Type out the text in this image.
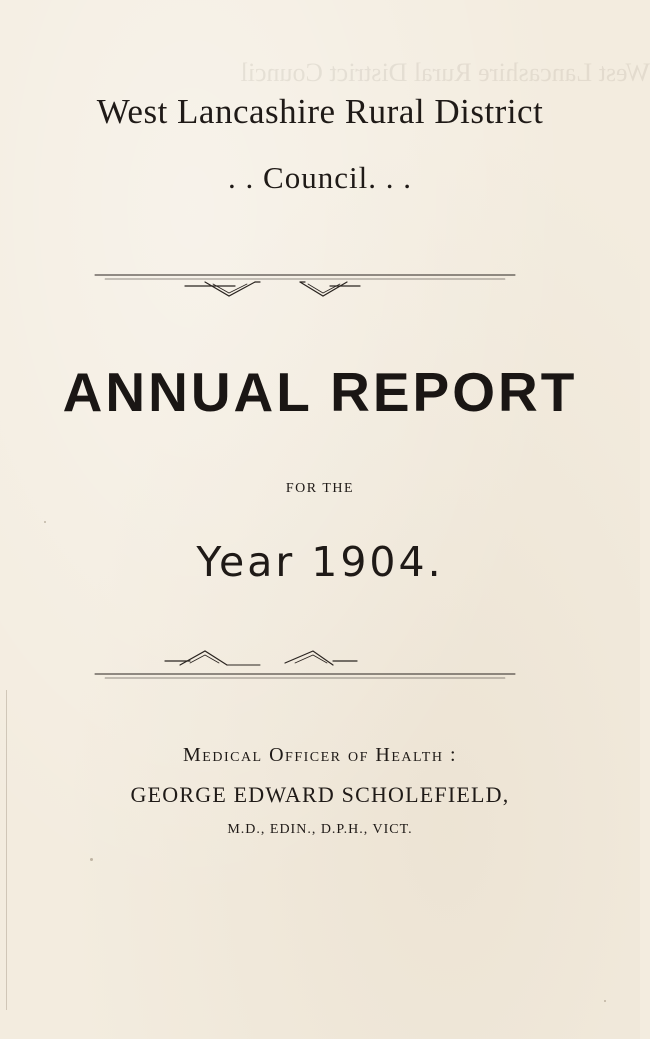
West Lancashire Rural District Council
West Lancashire Rural District
. . Council. . .
ANNUAL REPORT
FOR THE
Year 1904.
Medical Officer of Health :
GEORGE EDWARD SCHOLEFIELD,
M.D., EDIN., D.P.H., VICT.
